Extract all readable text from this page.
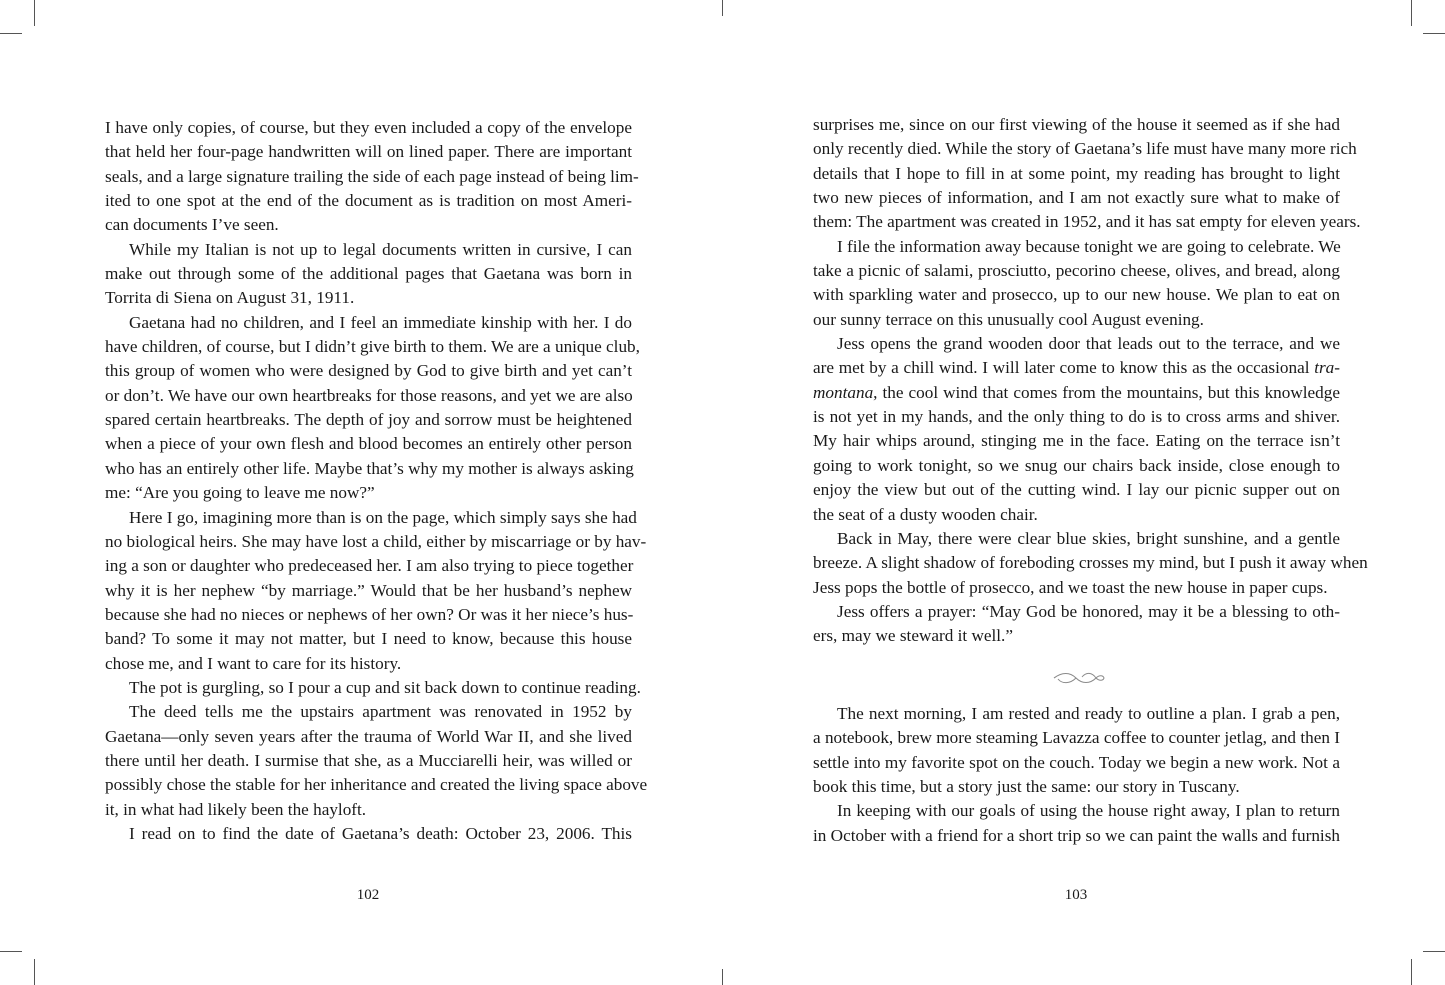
I have only copies, of course, but they even included a copy of the envelope
that held her four-page handwritten will on lined paper. There are important
seals, and a large signature trailing the side of each page instead of being lim-
ited to one spot at the end of the document as is tradition on most Ameri-
can documents I’ve seen.
While my Italian is not up to legal documents written in cursive, I can
make out through some of the additional pages that Gaetana was born in
Torrita di Siena on August 31, 1911.
Gaetana had no children, and I feel an immediate kinship with her. I do
have children, of course, but I didn’t give birth to them. We are a unique club,
this group of women who were designed by God to give birth and yet can’t
or don’t. We have our own heartbreaks for those reasons, and yet we are also
spared certain heartbreaks. The depth of joy and sorrow must be heightened
when a piece of your own flesh and blood becomes an entirely other person
who has an entirely other life. Maybe that’s why my mother is always asking
me: “Are you going to leave me now?”
Here I go, imagining more than is on the page, which simply says she had
no biological heirs. She may have lost a child, either by miscarriage or by hav-
ing a son or daughter who predeceased her. I am also trying to piece together
why it is her nephew “by marriage.” Would that be her husband’s nephew
because she had no nieces or nephews of her own? Or was it her niece’s hus-
band? To some it may not matter, but I need to know, because this house
chose me, and I want to care for its history.
The pot is gurgling, so I pour a cup and sit back down to continue reading.
The deed tells me the upstairs apartment was renovated in 1952 by
Gaetana—only seven years after the trauma of World War II, and she lived
there until her death. I surmise that she, as a Mucciarelli heir, was willed or
possibly chose the stable for her inheritance and created the living space above
it, in what had likely been the hayloft.
I read on to find the date of Gaetana’s death: October 23, 2006. This
surprises me, since on our first viewing of the house it seemed as if she had
only recently died. While the story of Gaetana’s life must have many more rich
details that I hope to fill in at some point, my reading has brought to light
two new pieces of information, and I am not exactly sure what to make of
them: The apartment was created in 1952, and it has sat empty for eleven years.
I file the information away because tonight we are going to celebrate. We
take a picnic of salami, prosciutto, pecorino cheese, olives, and bread, along
with sparkling water and prosecco, up to our new house. We plan to eat on
our sunny terrace on this unusually cool August evening.
Jess opens the grand wooden door that leads out to the terrace, and we
are met by a chill wind. I will later come to know this as the occasional tra-
montana, the cool wind that comes from the mountains, but this knowledge
is not yet in my hands, and the only thing to do is to cross arms and shiver.
My hair whips around, stinging me in the face. Eating on the terrace isn’t
going to work tonight, so we snug our chairs back inside, close enough to
enjoy the view but out of the cutting wind. I lay our picnic supper out on
the seat of a dusty wooden chair.
Back in May, there were clear blue skies, bright sunshine, and a gentle
breeze. A slight shadow of foreboding crosses my mind, but I push it away when
Jess pops the bottle of prosecco, and we toast the new house in paper cups.
Jess offers a prayer: “May God be honored, may it be a blessing to oth-
ers, may we steward it well.”
The next morning, I am rested and ready to outline a plan. I grab a pen,
a notebook, brew more steaming Lavazza coffee to counter jetlag, and then I
settle into my favorite spot on the couch. Today we begin a new work. Not a
book this time, but a story just the same: our story in Tuscany.
In keeping with our goals of using the house right away, I plan to return
in October with a friend for a short trip so we can paint the walls and furnish
102	103
